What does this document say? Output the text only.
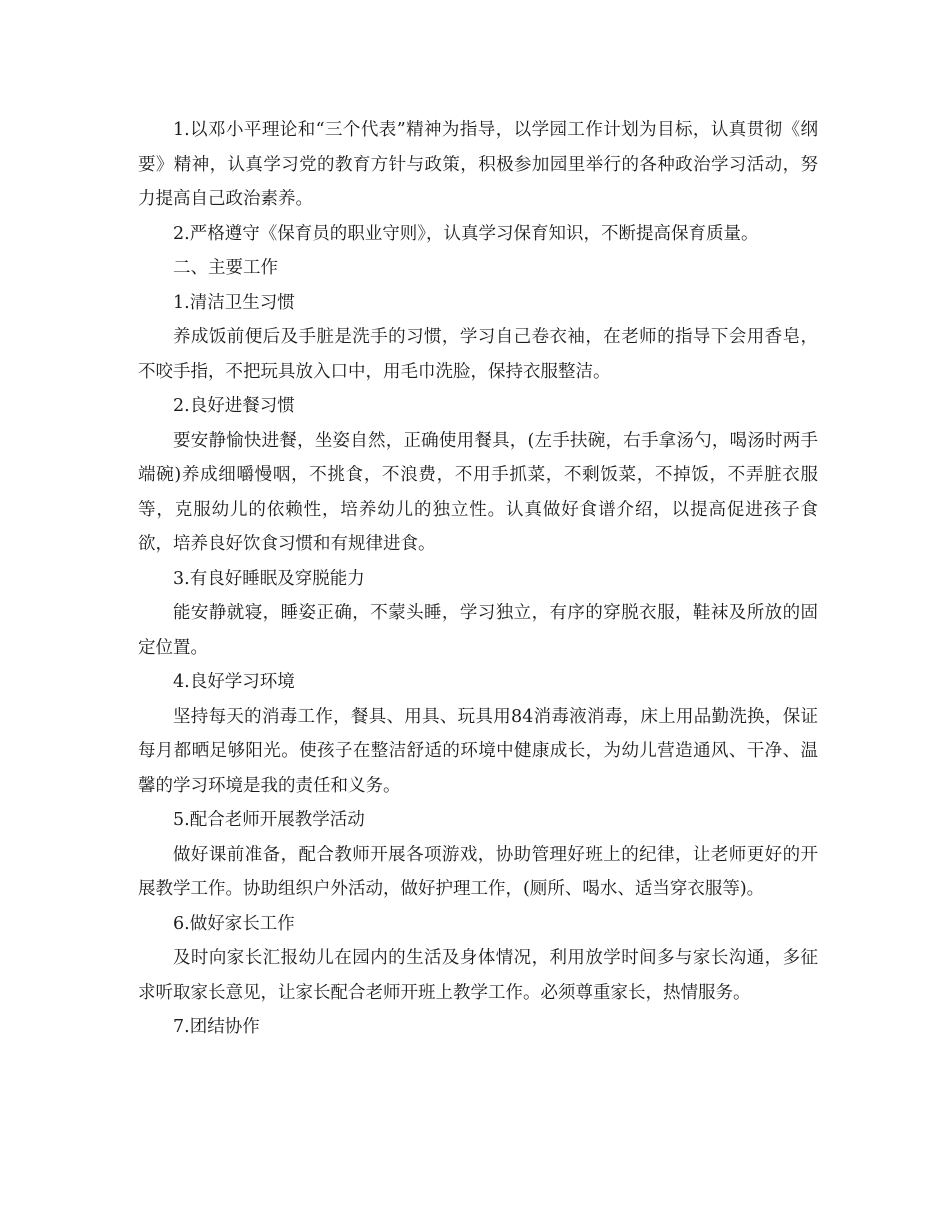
1.以邓小平理论和“三个代表”精神为指导，以学园工作计划为目标，认真贯彻《纲要》精神，认真学习党的教育方针与政策，积极参加园里举行的各种政治学习活动，努力提高自己政治素养。

2.严格遵守《保育员的职业守则》，认真学习保育知识，不断提高保育质量。

二、主要工作

1.清洁卫生习惯

养成饭前便后及手脏是洗手的习惯，学习自己卷衣袖，在老师的指导下会用香皂，不咬手指，不把玩具放入口中，用毛巾洗脸，保持衣服整洁。

2.良好进餐习惯

要安静愉快进餐，坐姿自然，正确使用餐具，(左手扶碗，右手拿汤勺，喝汤时两手端碗)养成细嚼慢咽，不挑食，不浪费，不用手抓菜，不剩饭菜，不掉饭，不弄脏衣服等，克服幼儿的依赖性，培养幼儿的独立性。认真做好食谱介绍，以提高促进孩子食欲，培养良好饮食习惯和有规律进食。

3.有良好睡眠及穿脱能力

能安静就寝，睡姿正确，不蒙头睡，学习独立，有序的穿脱衣服，鞋袜及所放的固定位置。

4.良好学习环境

坚持每天的消毒工作，餐具、用具、玩具用84消毒液消毒，床上用品勤洗换，保证每月都晒足够阳光。使孩子在整洁舒适的环境中健康成长，为幼儿营造通风、干净、温馨的学习环境是我的责任和义务。

5.配合老师开展教学活动

做好课前准备，配合教师开展各项游戏，协助管理好班上的纪律，让老师更好的开展教学工作。协助组织户外活动，做好护理工作，(厕所、喝水、适当穿衣服等)。

6.做好家长工作

及时向家长汇报幼儿在园内的生活及身体情况，利用放学时间多与家长沟通，多征求听取家长意见，让家长配合老师开班上教学工作。必须尊重家长，热情服务。

7.团结协作
